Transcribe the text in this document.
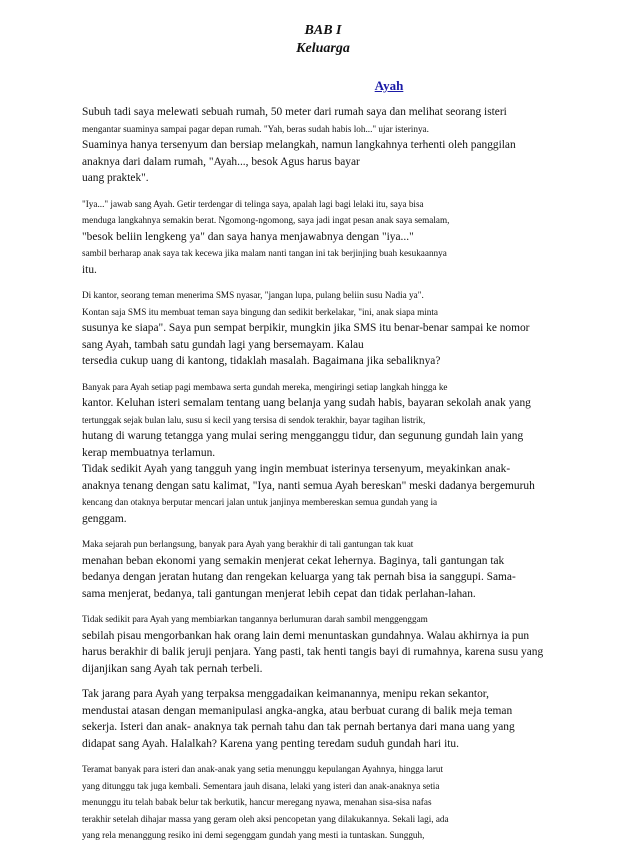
BAB I
Keluarga
Ayah
Subuh tadi saya melewati sebuah rumah, 50 meter dari rumah saya dan melihat seorang isteri
mengantar suaminya sampai pagar depan rumah. "Yah, beras sudah habis loh..." ujar isterinya.
Suaminya hanya tersenyum dan bersiap melangkah, namun langkahnya terhenti oleh panggilan
anaknya dari dalam rumah, "Ayah..., besok Agus harus bayar
uang praktek".
"Iya..." jawab sang Ayah. Getir terdengar di telinga saya, apalah lagi bagi lelaki itu, saya bisa
menduga langkahnya semakin berat. Ngomong-ngomong, saya jadi ingat pesan anak saya semalam,
"besok beliin lengkeng ya" dan saya hanya menjawabnya dengan "iya..."
sambil berharap anak saya tak kecewa jika malam nanti tangan ini tak berjinjing buah kesukaannya
itu.
Di kantor, seorang teman menerima SMS nyasar, "jangan lupa, pulang beliin susu Nadia ya".
Kontan saja SMS itu membuat teman saya bingung dan sedikit berkelakar, "ini, anak siapa minta
susunya ke siapa". Saya pun sempat berpikir, mungkin jika SMS itu benar-benar sampai ke nomor
sang Ayah, tambah satu gundah lagi yang bersemayam. Kalau
tersedia cukup uang di kantong, tidaklah masalah. Bagaimana jika sebaliknya?
Banyak para Ayah setiap pagi membawa serta gundah mereka, mengiringi setiap langkah hingga ke
kantor. Keluhan isteri semalam tentang uang belanja yang sudah habis, bayaran sekolah anak yang
tertunggak sejak bulan lalu, susu si kecil yang tersisa di sendok terakhir, bayar tagihan listrik,
hutang di warung tetangga yang mulai sering mengganggu tidur, dan segunung gundah lain yang
kerap membuatnya terlamun.
Tidak sedikit Ayah yang tangguh yang ingin membuat isterinya tersenyum, meyakinkan anak-
anaknya tenang dengan satu kalimat, "Iya, nanti semua Ayah bereskan" meski dadanya bergemuruh
kencang dan otaknya berputar mencari jalan untuk janjinya membereskan semua gundah yang ia
genggam.
Maka sejarah pun berlangsung, banyak para Ayah yang berakhir di tali gantungan tak kuat
menahan beban ekonomi yang semakin menjerat cekat lehernya. Baginya, tali gantungan tak
bedanya dengan jeratan hutang dan rengekan keluarga yang tak pernah bisa ia sanggupi. Sama-
sama menjerat, bedanya, tali gantungan menjerat lebih cepat dan tidak perlahan-lahan.
Tidak sedikit para Ayah yang membiarkan tangannya berlumuran darah sambil menggenggam
sebilah pisau mengorbankan hak orang lain demi menuntaskan gundahnya. Walau akhirnya ia pun
harus berakhir di balik jeruji penjara. Yang pasti, tak henti tangis bayi di rumahnya, karena susu yang
dijanjikan sang Ayah tak pernah terbeli.
Tak jarang para Ayah yang terpaksa menggadaikan keimanannya, menipu rekan sekantor,
mendustai atasan dengan memanipulasi angka-angka, atau berbuat curang di balik meja teman
sekerja. Isteri dan anak- anaknya tak pernah tahu dan tak pernah bertanya dari mana uang yang
didapat sang Ayah. Halalkah? Karena yang penting teredam suduh gundah hari itu.
Teramat banyak para isteri dan anak-anak yang setia menunggu kepulangan Ayahnya, hingga larut
yang ditunggu tak juga kembali. Sementara jauh disana, lelaki yang isteri dan anak-anaknya setia
menunggu itu telah babak belur tak berkutik, hancur meregang nyawa, menahan sisa-sisa nafas
terakhir setelah dihajar massa yang geram oleh aksi pencopetan yang dilakukannya. Sekali lagi, ada
yang rela menanggung resiko ini demi segenggam gundah yang mesti ia tuntaskan. Sungguh,
